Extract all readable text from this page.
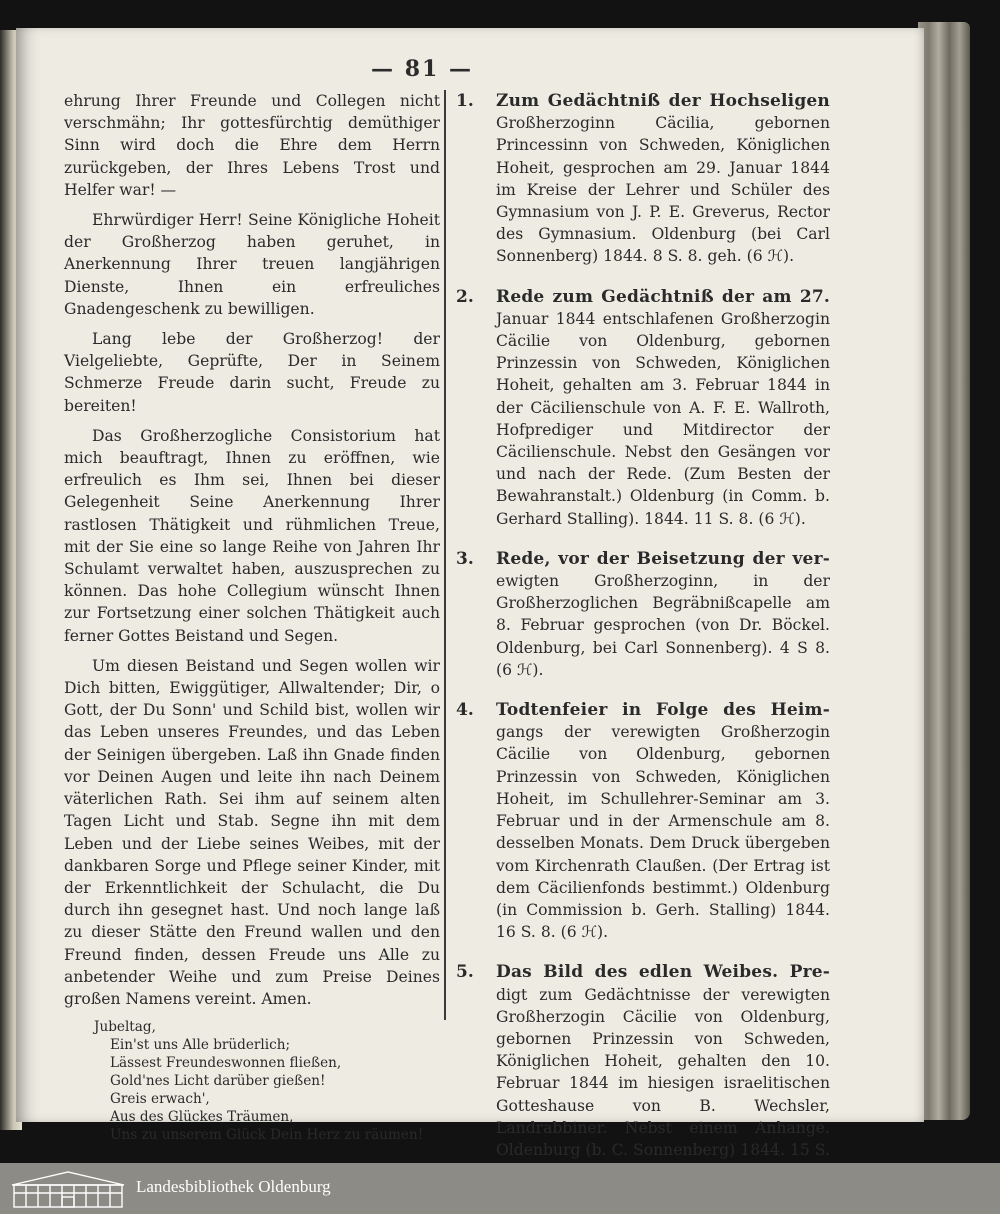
— 81 —

ehrung Ihrer Freunde und Collegen nicht verschmähn; Ihr gottesfürchtig demüthiger Sinn wird doch die Ehre dem Herrn zurückgeben, der Ihres Lebens Trost und Helfer war! —

Ehrwürdiger Herr! Seine Königliche Hoheit der Großherzog haben geruhet, in Anerkennung Ihrer treuen langjährigen Dienste, Ihnen ein erfreuliches Gnadengeschenk zu bewilligen.

Lang lebe der Großherzog! der Vielgeliebte, Geprüfte, Der in Seinem Schmerze Freude darin sucht, Freude zu bereiten!

Das Großherzogliche Consistorium hat mich beauftragt, Ihnen zu eröffnen, wie erfreulich es Ihm sei, Ihnen bei dieser Gelegenheit Seine Anerkennung Ihrer rastlosen Thätigkeit und rühmlichen Treue, mit der Sie eine so lange Reihe von Jahren Ihr Schulamt verwaltet haben, auszusprechen zu können. Das hohe Collegium wünscht Ihnen zur Fortsetzung einer solchen Thätigkeit auch ferner Gottes Beistand und Segen.

Um diesen Beistand und Segen wollen wir Dich bitten, Ewiggütiger, Allwaltender; Dir, o Gott, der Du Sonn' und Schild bist, wollen wir das Leben unseres Freundes, und das Leben der Seinigen übergeben. Laß ihn Gnade finden vor Deinen Augen und leite ihn nach Deinem väterlichen Rath. Sei ihm auf seinem alten Tagen Licht und Stab. Segne ihn mit dem Leben und der Liebe seines Weibes, mit der dankbaren Sorge und Pflege seiner Kinder, mit der Erkenntlichkeit der Schulacht, die Du durch ihn gesegnet hast. Und noch lange laß zu dieser Stätte den Freund wallen und den Freund finden, dessen Freude uns Alle zu anbetender Weihe und zum Preise Deines großen Namens vereint. Amen.

Jubeltag,
Ein'st uns Alle brüderlich;
Lässest Freundeswonnen fließen,
Gold'nes Licht darüber gießen!
Greis erwach',
Aus des Glückes Träumen,
Uns zu unserem Glück Dein Herz zu räumen!
1. Zum Gedächtniß der Hochseligen Großherzoginn Cäcilia, gebornen Princessinn von Schweden, Königlichen Hoheit, gesprochen am 29. Januar 1844 im Kreise der Lehrer und Schüler des Gymnasium von J. P. E. Greverus, Rector des Gymnasium. Oldenburg (bei Carl Sonnenberg) 1844. 8 S. 8. geh. (6 ℋ).
2. Rede zum Gedächtniß der am 27. Januar 1844 entschlafenen Großherzogin Cäcilie von Oldenburg, gebornen Prinzessin von Schweden, Königlichen Hoheit, gehalten am 3. Februar 1844 in der Cäcilienschule von A. F. E. Wallroth, Hofprediger und Mitdirector der Cäcilienschule. Nebst den Gesängen vor und nach der Rede. (Zum Besten der Bewahranstalt.) Oldenburg (in Comm. b. Gerhard Stalling). 1844. 11 S. 8. (6 ℋ).
3. Rede, vor der Beisetzung der ver-ewigten Großherzoginn, in der Großherzoglichen Begräbnißcapelle am 8. Februar gesprochen (von Dr. Böckel. Oldenburg, bei Carl Sonnenberg). 4 S 8. (6 ℋ).
4. Todtenfeier in Folge des Heim-gangs der verewigten Großherzogin Cäcilie von Oldenburg, gebornen Prinzessin von Schweden, Königlichen Hoheit, im Schullehrer-Seminar am 3. Februar und in der Armenschule am 8. desselben Monats. Dem Druck übergeben vom Kirchenrath Claußen. (Der Ertrag ist dem Cäcilienfonds bestimmt.) Oldenburg (in Commission b. Gerh. Stalling) 1844. 16 S. 8. (6 ℋ).
5. Das Bild des edlen Weibes. Pre-digt zum Gedächtnisse der verewigten Großherzogin Cäcilie von Oldenburg, gebornen Prinzessin von Schweden, Königlichen Hoheit, gehalten den 10. Februar 1844 im hiesigen israelitischen Gotteshause von B. Wechsler, Landrabbiner. Nebst einem Anhange. Oldenburg (b. C. Sonnenberg) 1844. 15 S.
Landesbibliothek Oldenburg
